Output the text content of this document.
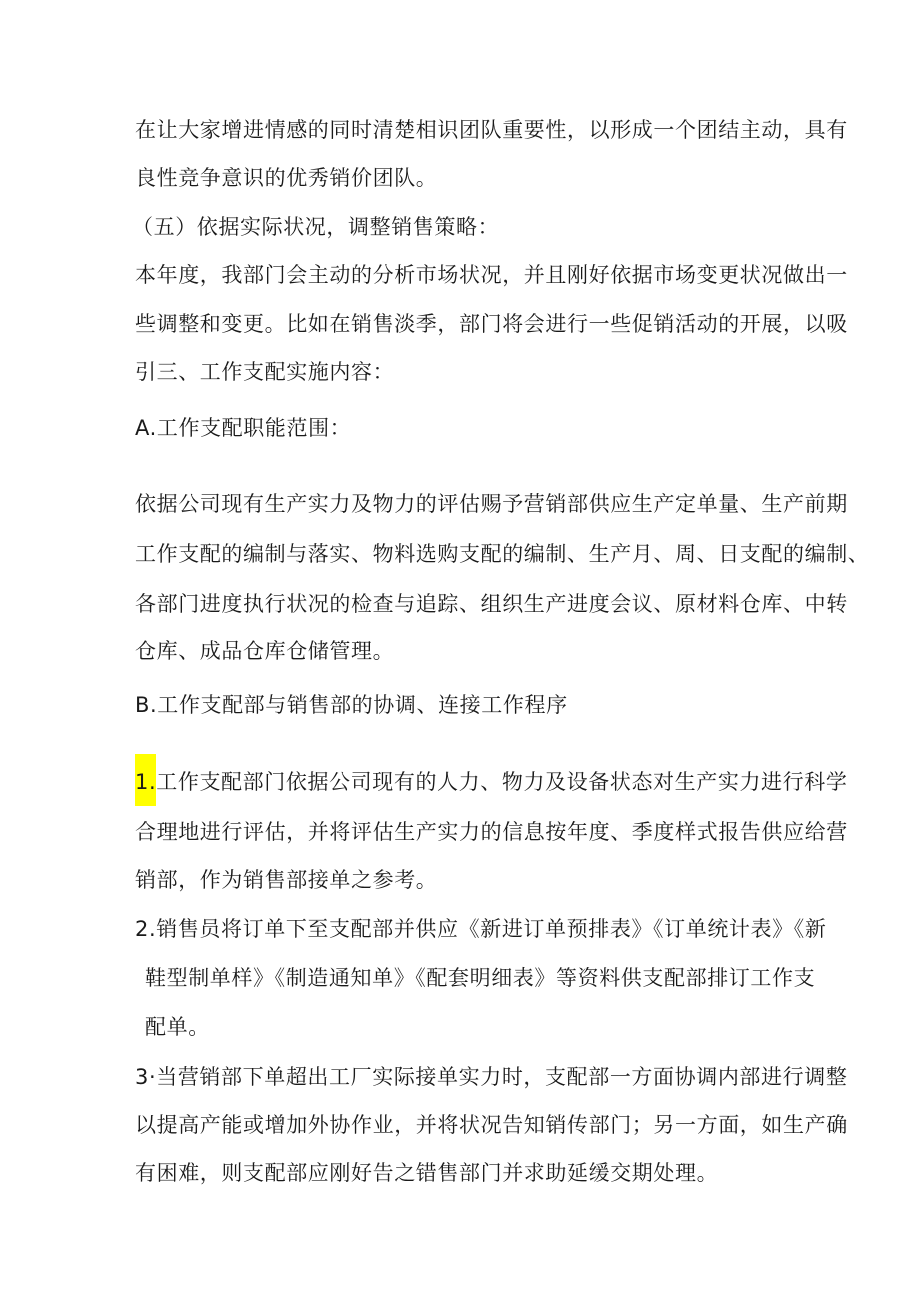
在让大家增进情感的同时清楚相识团队重要性，以形成一个团结主动，具有
良性竞争意识的优秀销价团队。
（五）依据实际状况，调整销售策略：
本年度，我部门会主动的分析市场状况，并且刚好依据市场变更状况做出一
些调整和变更。比如在销售淡季，部门将会进行一些促销活动的开展，以吸
引三、工作支配实施内容：
A.工作支配职能范围：
依据公司现有生产实力及物力的评估赐予营销部供应生产定单量、生产前期
工作支配的编制与落实、物料选购支配的编制、生产月、周、日支配的编制、
各部门进度执行状况的检查与追踪、组织生产进度会议、原材料仓库、中转
仓库、成品仓库仓储管理。
B.工作支配部与销售部的协调、连接工作程序
1.工作支配部门依据公司现有的人力、物力及设备状态对生产实力进行科学
合理地进行评估，并将评估生产实力的信息按年度、季度样式报告供应给营
销部，作为销售部接单之参考。
2.销售员将订单下至支配部并供应《新进订单预排表》《订单统计表》《新
鞋型制单样》《制造通知单》《配套明细表》等资料供支配部排订工作支
配单。
3·当营销部下单超出工厂实际接单实力时，支配部一方面协调内部进行调整
以提高产能或增加外协作业，并将状况告知销传部门；另一方面，如生产确
有困难，则支配部应刚好告之错售部门并求助延缓交期处理。
